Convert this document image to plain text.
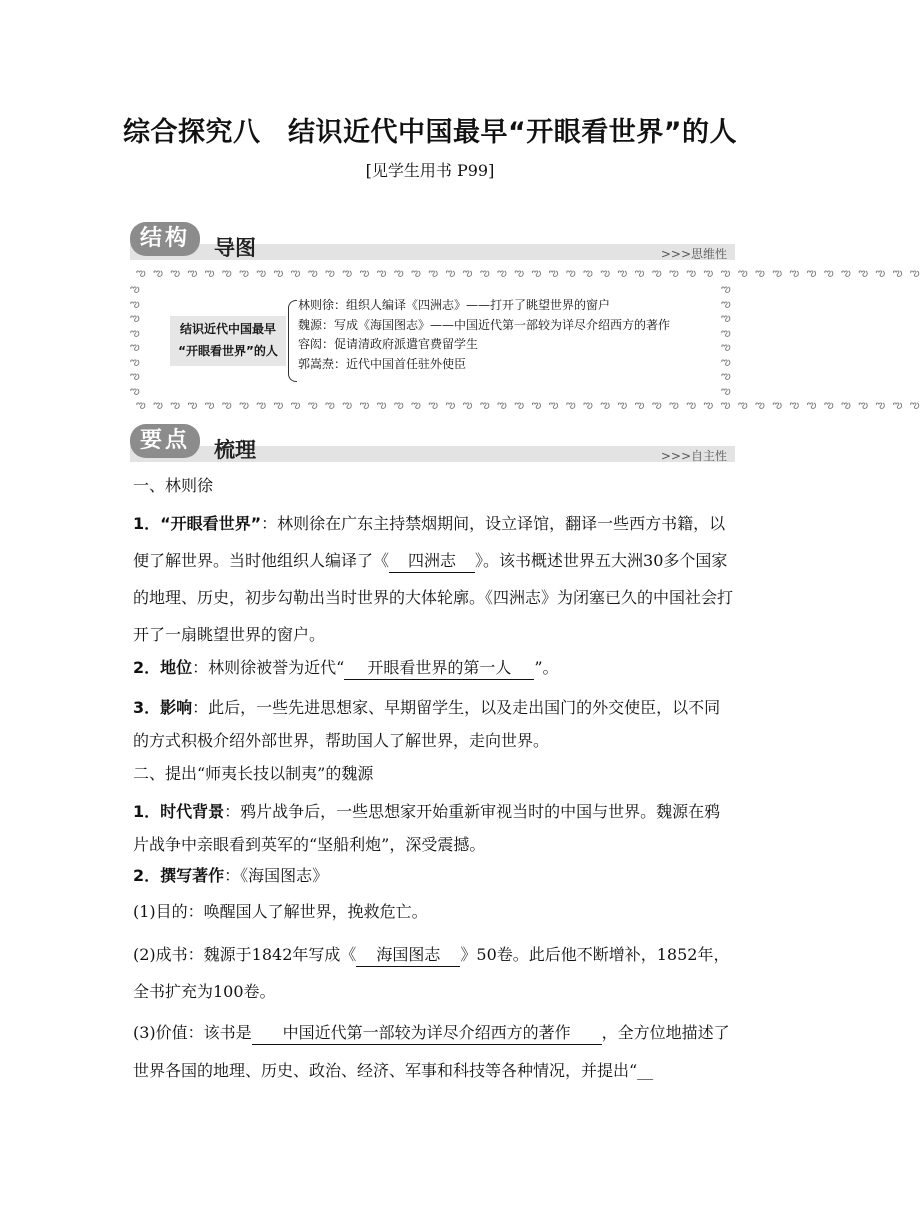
综合探究八　结识近代中国最早“开眼看世界”的人
[见学生用书 P99]
结构	导图	>>>思维性
ఌ ఌ ఌ ఌ ఌ ఌ ఌ ఌ ఌ ఌ ఌ ఌ ఌ ఌ ఌ ఌ ఌ ఌ ఌ ఌ ఌ ఌ ఌ ఌ ఌ ఌ ఌ ఌ ఌ ఌ ఌ ఌ ఌ ఌ ఌ ఌ ఌ ఌ ఌ ఌ ఌ ఌ ఌ ఌ ఌ ఌ
ఌ ఌ ఌ ఌ ఌ ఌ ఌ ఌ ఌ ఌ ఌ ఌ ఌ ఌ ఌ ఌ ఌ ఌ ఌ ఌ ఌ ఌ ఌ ఌ ఌ ఌ ఌ ఌ ఌ ఌ ఌ ఌ ఌ ఌ ఌ ఌ ఌ ఌ ఌ ఌ ఌ ఌ ఌ ఌ ఌ ఌ
ఌ
ఌ
ఌ
ఌ
ఌ
ఌ
ఌ
ఌ
ఌ
ఌ
ఌ
ఌ
ఌ
ఌ
ఌ
ఌ
结识近代中国最早
“开眼看世界”的人
林则徐：组织人编译《四洲志》——打开了眺望世界的窗户
魏源：写成《海国图志》——中国近代第一部较为详尽介绍西方的著作
容闳：促请清政府派遣官费留学生
郭嵩焘：近代中国首任驻外使臣
要点	梳理	>>>自主性
一、林则徐
1．“开眼看世界”：林则徐在广东主持禁烟期间，设立译馆，翻译一些西方书籍，以便了解世界。当时他组织人编译了《 四洲志 》。该书概述世界五大洲30多个国家的地理、历史，初步勾勒出当时世界的大体轮廓。《四洲志》为闭塞已久的中国社会打开了一扇眺望世界的窗户。
2．地位：林则徐被誉为近代“ 开眼看世界的第一人 ”。
3．影响：此后，一些先进思想家、早期留学生，以及走出国门的外交使臣，以不同的方式积极介绍外部世界，帮助国人了解世界，走向世界。
二、提出“师夷长技以制夷”的魏源
1．时代背景：鸦片战争后，一些思想家开始重新审视当时的中国与世界。魏源在鸦片战争中亲眼看到英军的“坚船利炮”，深受震撼。
2．撰写著作：《海国图志》
(1)目的：唤醒国人了解世界，挽救危亡。
(2)成书：魏源于1842年写成《 海国图志 》50卷。此后他不断增补，1852年，全书扩充为100卷。
(3)价值：该书是 中国近代第一部较为详尽介绍西方的著作 ，全方位地描述了世界各国的地理、历史、政治、经济、军事和科技等各种情况，并提出“__
